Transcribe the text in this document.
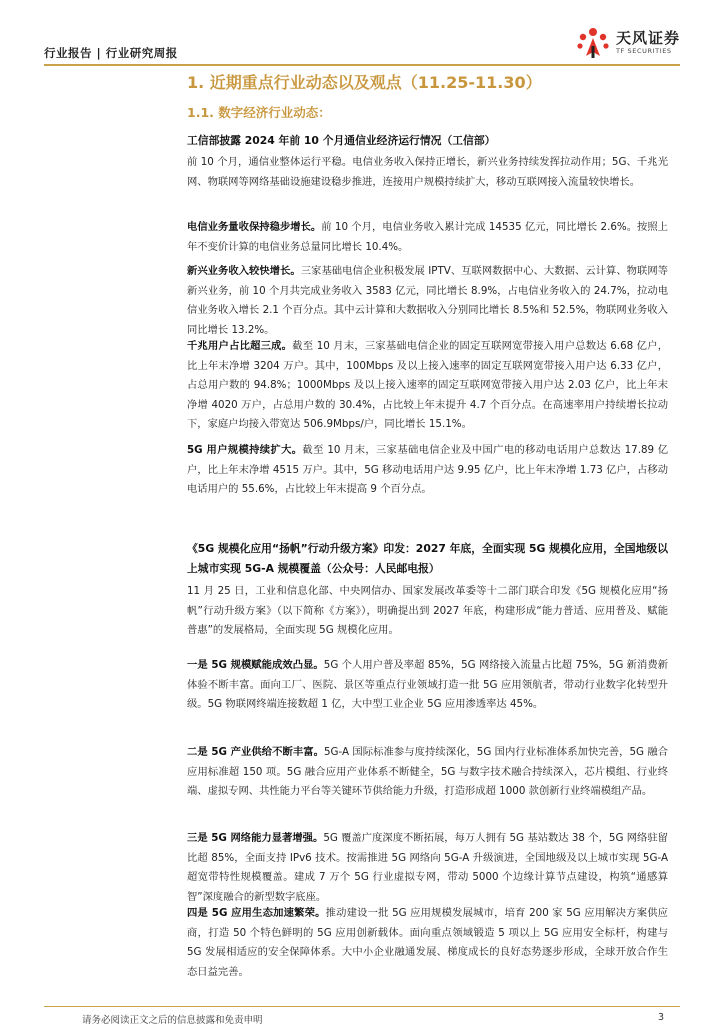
行业报告 | 行业研究周报
天风证券
TF SECURITIES
1. 近期重点行业动态以及观点（11.25-11.30）
1.1. 数字经济行业动态：
工信部披露 2024 年前 10 个月通信业经济运行情况（工信部）
前 10 个月，通信业整体运行平稳。电信业务收入保持正增长，新兴业务持续发挥拉动作用；5G、千兆光网、物联网等网络基础设施建设稳步推进，连接用户规模持续扩大，移动互联网接入流量较快增长。
电信业务量收保持稳步增长。前 10 个月，电信业务收入累计完成 14535 亿元，同比增长 2.6%。按照上年不变价计算的电信业务总量同比增长 10.4%。
新兴业务收入较快增长。三家基础电信企业积极发展 IPTV、互联网数据中心、大数据、云计算、物联网等新兴业务，前 10 个月共完成业务收入 3583 亿元，同比增长 8.9%，占电信业务收入的 24.7%，拉动电信业务收入增长 2.1 个百分点。其中云计算和大数据收入分别同比增长 8.5%和 52.5%，物联网业务收入同比增长 13.2%。
千兆用户占比超三成。截至 10 月末，三家基础电信企业的固定互联网宽带接入用户总数达 6.68 亿户，比上年末净增 3204 万户。其中，100Mbps 及以上接入速率的固定互联网宽带接入用户达 6.33 亿户，占总用户数的 94.8%；1000Mbps 及以上接入速率的固定互联网宽带接入用户达 2.03 亿户，比上年末净增 4020 万户，占总用户数的 30.4%，占比较上年末提升 4.7 个百分点。在高速率用户持续增长拉动下，家庭户均接入带宽达 506.9Mbps/户，同比增长 15.1%。
5G 用户规模持续扩大。截至 10 月末，三家基础电信企业及中国广电的移动电话用户总数达 17.89 亿户，比上年末净增 4515 万户。其中，5G 移动电话用户达 9.95 亿户，比上年末净增 1.73 亿户，占移动电话用户的 55.6%，占比较上年末提高 9 个百分点。
《5G 规模化应用“扬帆”行动升级方案》印发：2027 年底，全面实现 5G 规模化应用，全国地级以上城市实现 5G-A 规模覆盖（公众号：人民邮电报）
11 月 25 日，工业和信息化部、中央网信办、国家发展改革委等十二部门联合印发《5G 规模化应用“扬帆”行动升级方案》（以下简称《方案》），明确提出到 2027 年底，构建形成“能力普适、应用普及、赋能普惠”的发展格局，全面实现 5G 规模化应用。
一是 5G 规模赋能成效凸显。5G 个人用户普及率超 85%，5G 网络接入流量占比超 75%，5G 新消费新体验不断丰富。面向工厂、医院、景区等重点行业领域打造一批 5G 应用领航者，带动行业数字化转型升级。5G 物联网终端连接数超 1 亿，大中型工业企业 5G 应用渗透率达 45%。
二是 5G 产业供给不断丰富。5G-A 国际标准参与度持续深化，5G 国内行业标准体系加快完善，5G 融合应用标准超 150 项。5G 融合应用产业体系不断健全，5G 与数字技术融合持续深入，芯片模组、行业终端、虚拟专网、共性能力平台等关键环节供给能力升级，打造形成超 1000 款创新行业终端模组产品。
三是 5G 网络能力显著增强。5G 覆盖广度深度不断拓展，每万人拥有 5G 基站数达 38 个，5G 网络驻留比超 85%，全面支持 IPv6 技术。按需推进 5G 网络向 5G-A 升级演进，全国地级及以上城市实现 5G-A 超宽带特性规模覆盖。建成 7 万个 5G 行业虚拟专网，带动 5000 个边缘计算节点建设，构筑“通感算智”深度融合的新型数字底座。
四是 5G 应用生态加速繁荣。推动建设一批 5G 应用规模发展城市，培育 200 家 5G 应用解决方案供应商，打造 50 个特色鲜明的 5G 应用创新载体。面向重点领域锻造 5 项以上 5G 应用安全标杆，构建与 5G 发展相适应的安全保障体系。大中小企业融通发展、梯度成长的良好态势逐步形成，全球开放合作生态日益完善。
请务必阅读正文之后的信息披露和免责申明	3
